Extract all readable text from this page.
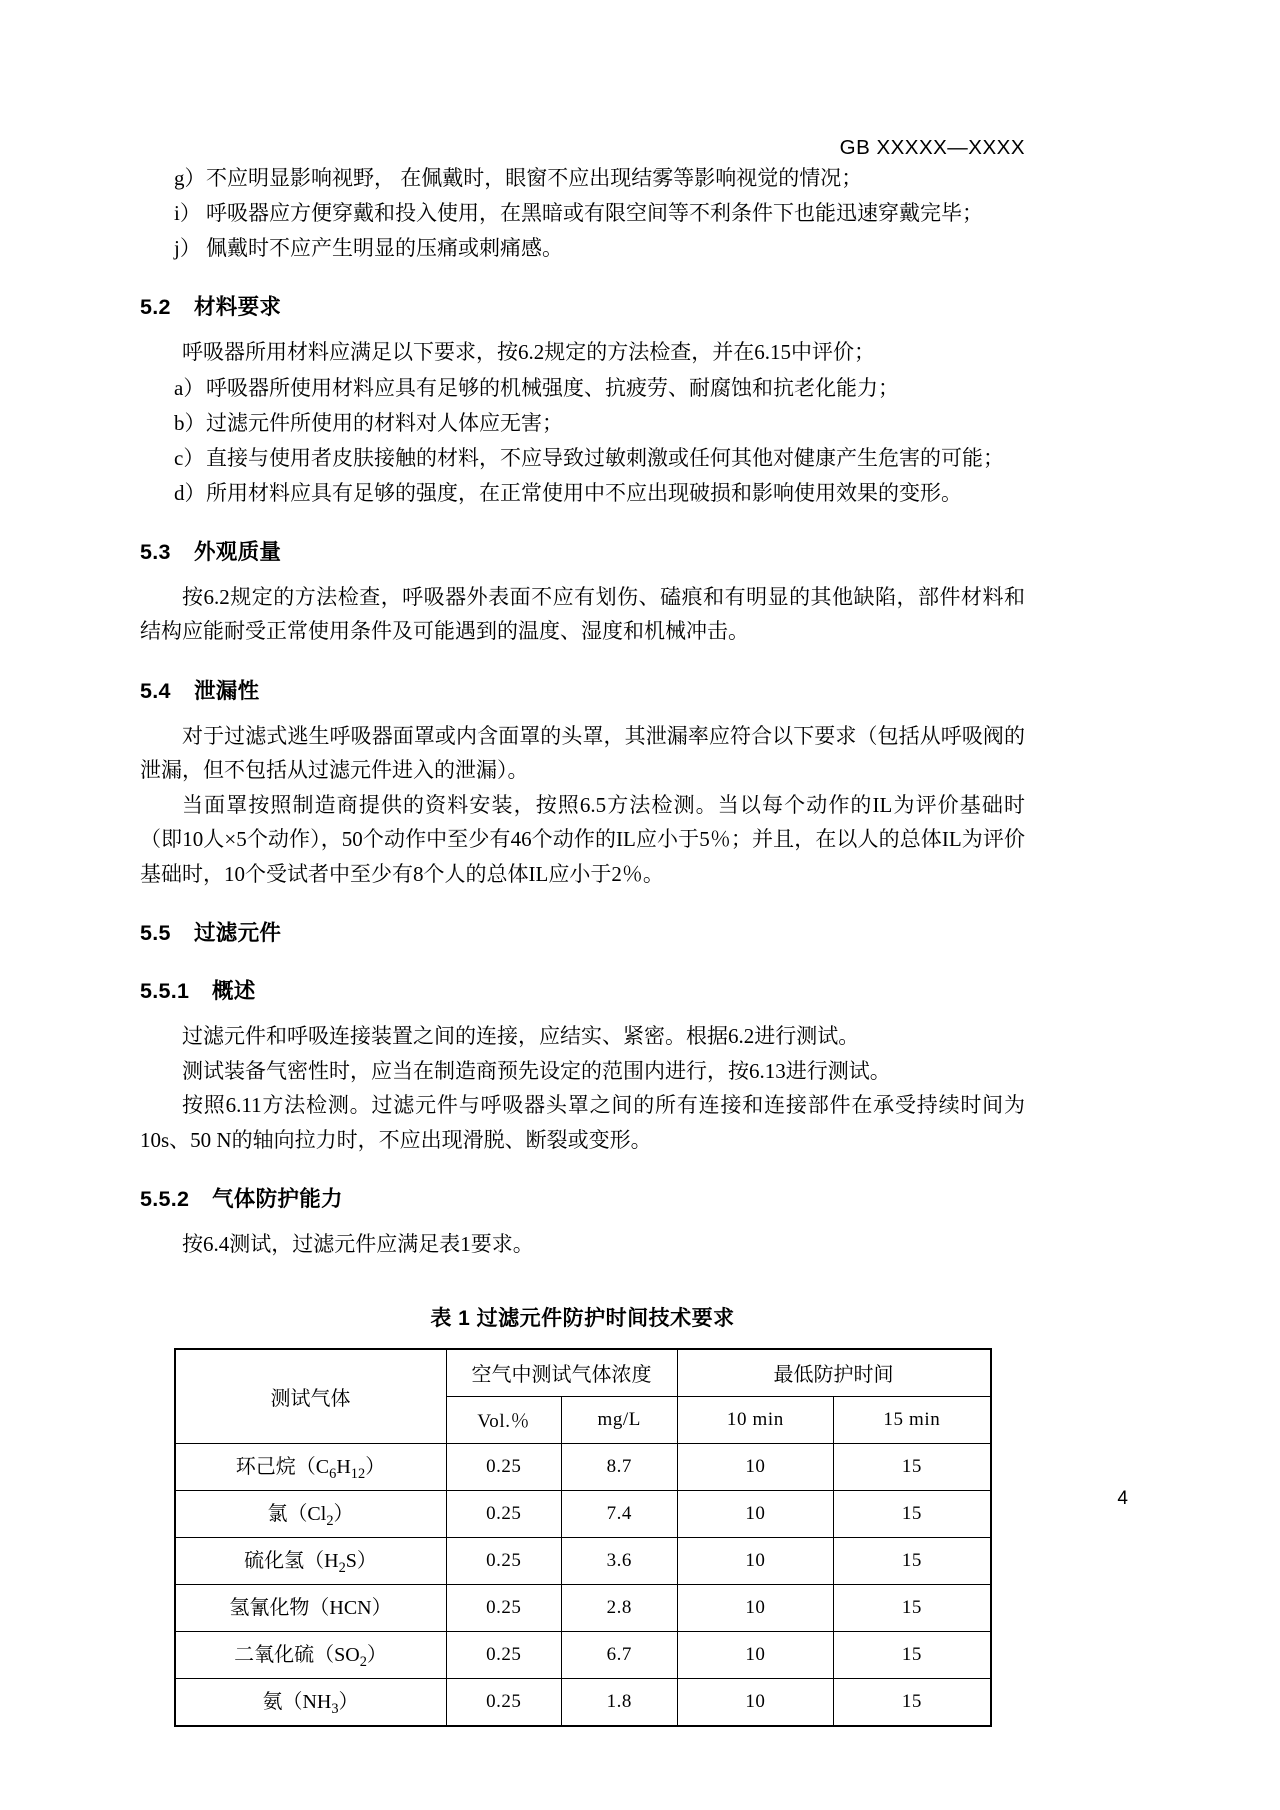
GB XXXXX—XXXX
g） 不应明显影响视野， 在佩戴时，眼窗不应出现结雾等影响视觉的情况；
i） 呼吸器应方便穿戴和投入使用，在黑暗或有限空间等不利条件下也能迅速穿戴完毕；
j） 佩戴时不应产生明显的压痛或刺痛感。
5.2 材料要求

呼吸器所用材料应满足以下要求，按6.2规定的方法检查，并在6.15中评价；

a） 呼吸器所使用材料应具有足够的机械强度、抗疲劳、耐腐蚀和抗老化能力；
b） 过滤元件所使用的材料对人体应无害；
c） 直接与使用者皮肤接触的材料，不应导致过敏刺激或任何其他对健康产生危害的可能；
d） 所用材料应具有足够的强度，在正常使用中不应出现破损和影响使用效果的变形。
5.3 外观质量

按6.2规定的方法检查，呼吸器外表面不应有划伤、磕痕和有明显的其他缺陷，部件材料和结构应能耐受正常使用条件及可能遇到的温度、湿度和机械冲击。

5.4 泄漏性

对于过滤式逃生呼吸器面罩或内含面罩的头罩，其泄漏率应符合以下要求（包括从呼吸阀的泄漏，但不包括从过滤元件进入的泄漏）。

当面罩按照制造商提供的资料安装，按照6.5方法检测。当以每个动作的IL为评价基础时（即10人×5个动作），50个动作中至少有46个动作的IL应小于5％；并且，在以人的总体IL为评价基础时，10个受试者中至少有8个人的总体IL应小于2％。

5.5 过滤元件
5.5.1 概述

过滤元件和呼吸连接装置之间的连接，应结实、紧密。根据6.2进行测试。

测试装备气密性时，应当在制造商预先设定的范围内进行，按6.13进行测试。

按照6.11方法检测。过滤元件与呼吸器头罩之间的所有连接和连接部件在承受持续时间为10s、50 N的轴向拉力时，不应出现滑脱、断裂或变形。

5.5.2 气体防护能力

按6.4测试，过滤元件应满足表1要求。

表 1 过滤元件防护时间技术要求
测试气体	空气中测试气体浓度		最低防护时间	
	Vol.％	mg/L	10 min	15 min
环己烷$(C_6H_{12})$	0.25	8.7	10	15
氯$(Cl_2)$	0.25	7.4	10	15
硫化氢$(H_2S)$	0.25	3.6	10	15
氢氰化物（HCN）	0.25	2.8	10	15
二氧化硫$(SO_2)$	0.25	6.7	10	15
氨$(NH_3)$	0.25	1.8	10	15
4
